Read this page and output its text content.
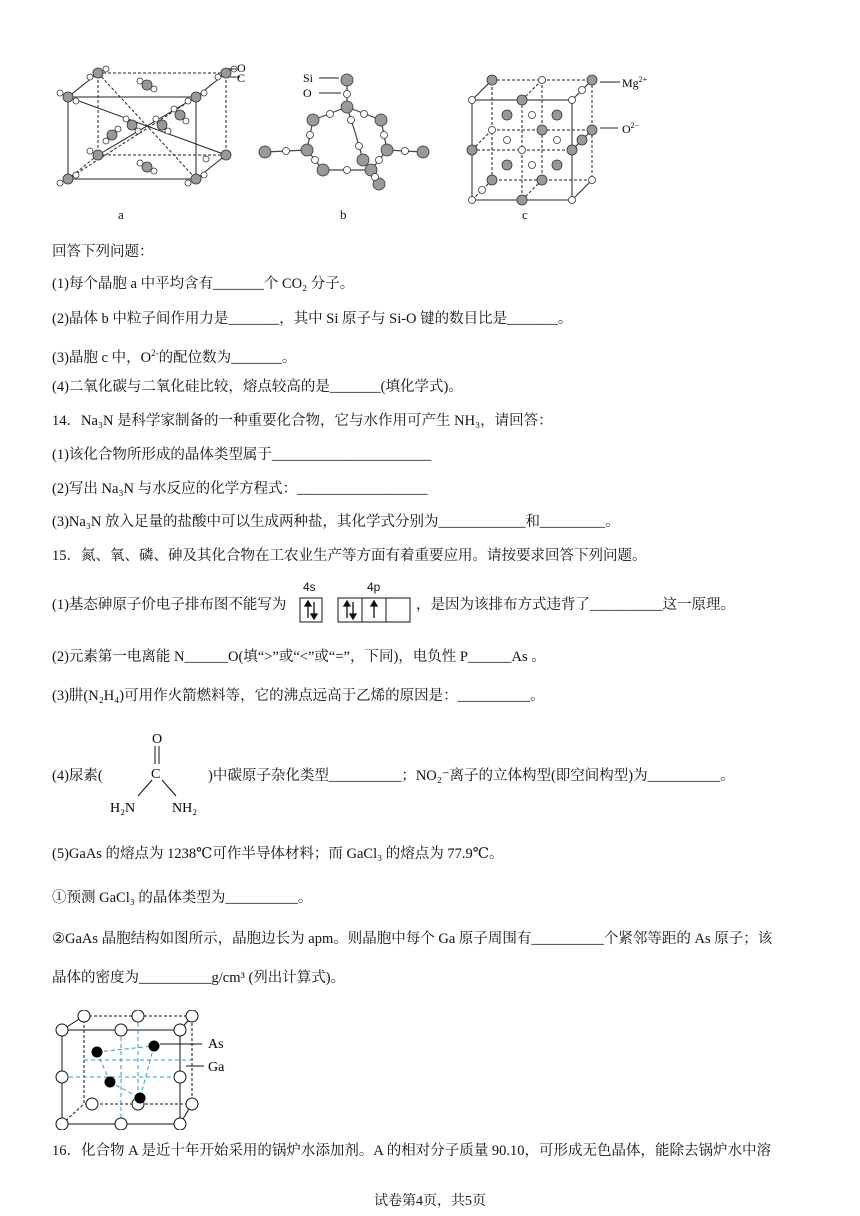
O
C
a
Si
O
b
$Mg^{2+}$
$O^{2-}$
c
回答下列问题：
(1)每个晶胞 a 中平均含有_______个 CO₂ 分子。
(2)晶体 b 中粒子间作用力是_______，其中 Si 原子与 Si-O 键的数目比是_______。
(3)晶胞 c 中，$O^{2-}$的配位数为_______。
(4)二氧化碳与二氧化硅比较，熔点较高的是_______(填化学式)。
14．Na₃N 是科学家制备的一种重要化合物，它与水作用可产生 NH₃，请回答：
(1)该化合物所形成的晶体类型属于______________________
(2)写出 Na₃N 与水反应的化学方程式：__________________
(3)Na₃N 放入足量的盐酸中可以生成两种盐，其化学式分别为____________和_________。
15．氮、氧、磷、砷及其化合物在工农业生产等方面有着重要应用。请按要求回答下列问题。
(1)基态砷原子价电子排布图不能写为
4s	4p
，是因为该排布方式违背了__________这一原理。
(2)元素第一电离能 N______O(填“>”或“<”或“=”，下同)，电负性 P______As 。
(3)肼(N₂H₄)可用作火箭燃料等，它的沸点远高于乙烯的原因是：__________。
(4)尿素(
O
C
H₂N	NH₂
)中碳原子杂化类型__________；NO₂⁻离子的立体构型(即空间构型)为__________。
(5)GaAs 的熔点为 1238℃可作半导体材料；而 GaCl₃ 的熔点为 77.9℃。
①预测 GaCl₃ 的晶体类型为__________。
②GaAs 晶胞结构如图所示，晶胞边长为 apm。则晶胞中每个 Ga 原子周围有__________个紧邻等距的 As 原子；该
晶体的密度为__________g/cm³ (列出计算式)。
As
Ga
16．化合物 A 是近十年开始采用的锅炉水添加剂。A 的相对分子质量 90.10，可形成无色晶体，能除去锅炉水中溶
试卷第4页，共5页
